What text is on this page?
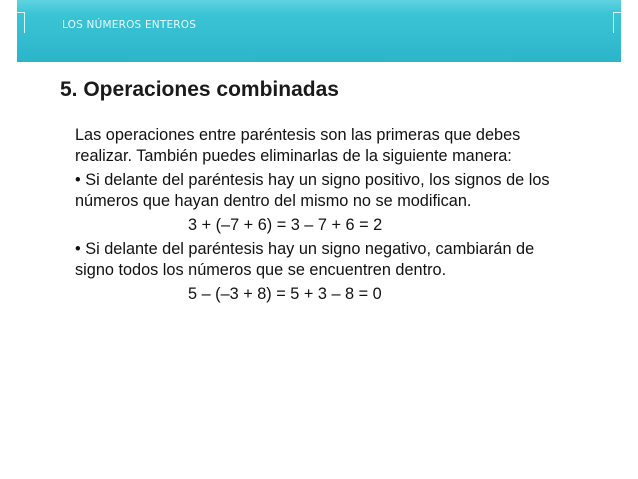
LOS NÚMEROS ENTEROS
5. Operaciones combinadas

Las operaciones entre paréntesis son las primeras que debes realizar. También puedes eliminarlas de la siguiente manera:

• Si delante del paréntesis hay un signo positivo, los signos de los números que hayan dentro del mismo no se modifican.

3 + (–7 + 6) = 3 – 7 + 6 = 2

• Si delante del paréntesis hay un signo negativo, cambiarán de signo todos los números que se encuentren dentro.

5 – (–3 + 8) = 5 + 3 – 8 = 0
